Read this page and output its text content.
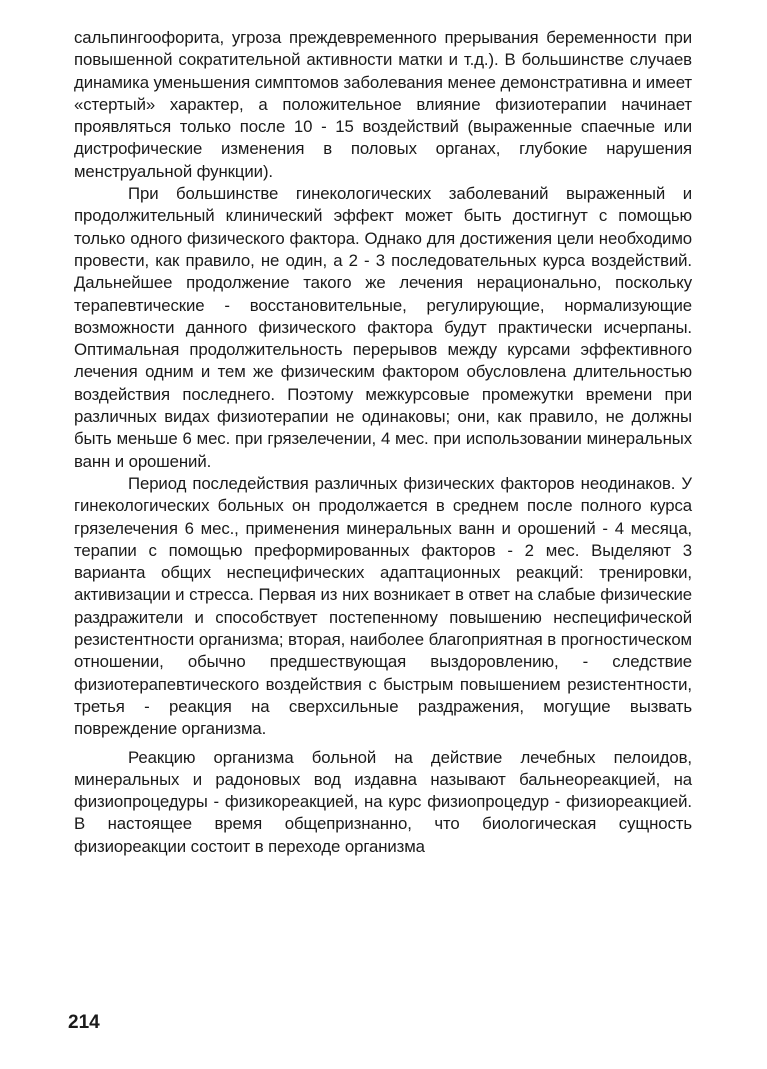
сальпингоофорита, угроза преждевременного прерывания беременности при повышенной сократительной активности матки и т.д.). В большинстве случаев динамика уменьшения симптомов заболевания менее демонстративна и имеет «стертый» характер, а положительное влияние физиотерапии начинает проявляться только после 10 - 15 воздействий (выраженные спаечные или дистрофические изменения в половых органах, глубокие нарушения менструальной функции).

При большинстве гинекологических заболеваний выраженный и продолжительный клинический эффект может быть достигнут с помощью только одного физического фактора. Однако для достижения цели необходимо провести, как правило, не один, а 2 - 3 последовательных курса воздействий. Дальнейшее продолжение такого же лечения нерационально, поскольку терапевтические - восстановительные, регулирующие, нормализующие возможности данного физического фактора будут практически исчерпаны. Оптимальная продолжительность перерывов между курсами эффективного лечения одним и тем же физическим фактором обусловлена длительностью воздействия последнего. Поэтому межкурсовые промежутки времени при различных видах физиотерапии не одинаковы; они, как правило, не должны быть меньше 6 мес. при грязелечении, 4 мес. при использовании минеральных ванн и орошений.

Период последействия различных физических факторов неодинаков. У гинекологических больных он продолжается в среднем после полного курса грязелечения 6 мес., применения минеральных ванн и орошений - 4 месяца, терапии с помощью преформированных факторов - 2 мес. Выделяют 3 варианта общих неспецифических адаптационных реакций: тренировки, активизации и стресса. Первая из них возникает в ответ на слабые физические раздражители и способствует постепенному повышению неспецифической резистентности организма; вторая, наиболее благоприятная в прогностическом отношении, обычно предшествующая выздоровлению, - следствие физиотерапевтического воздействия с быстрым повышением резистентности, третья - реакция на сверхсильные раздражения, могущие вызвать повреждение организма.

Реакцию организма больной на действие лечебных пелоидов, минеральных и радоновых вод издавна называют бальнеореакцией, на физиопроцедуры - физикореакцией, на курс физиопроцедур - физиореакцией. В настоящее время общепризнанно, что биологическая сущность физиореакции состоит в переходе организма

214
